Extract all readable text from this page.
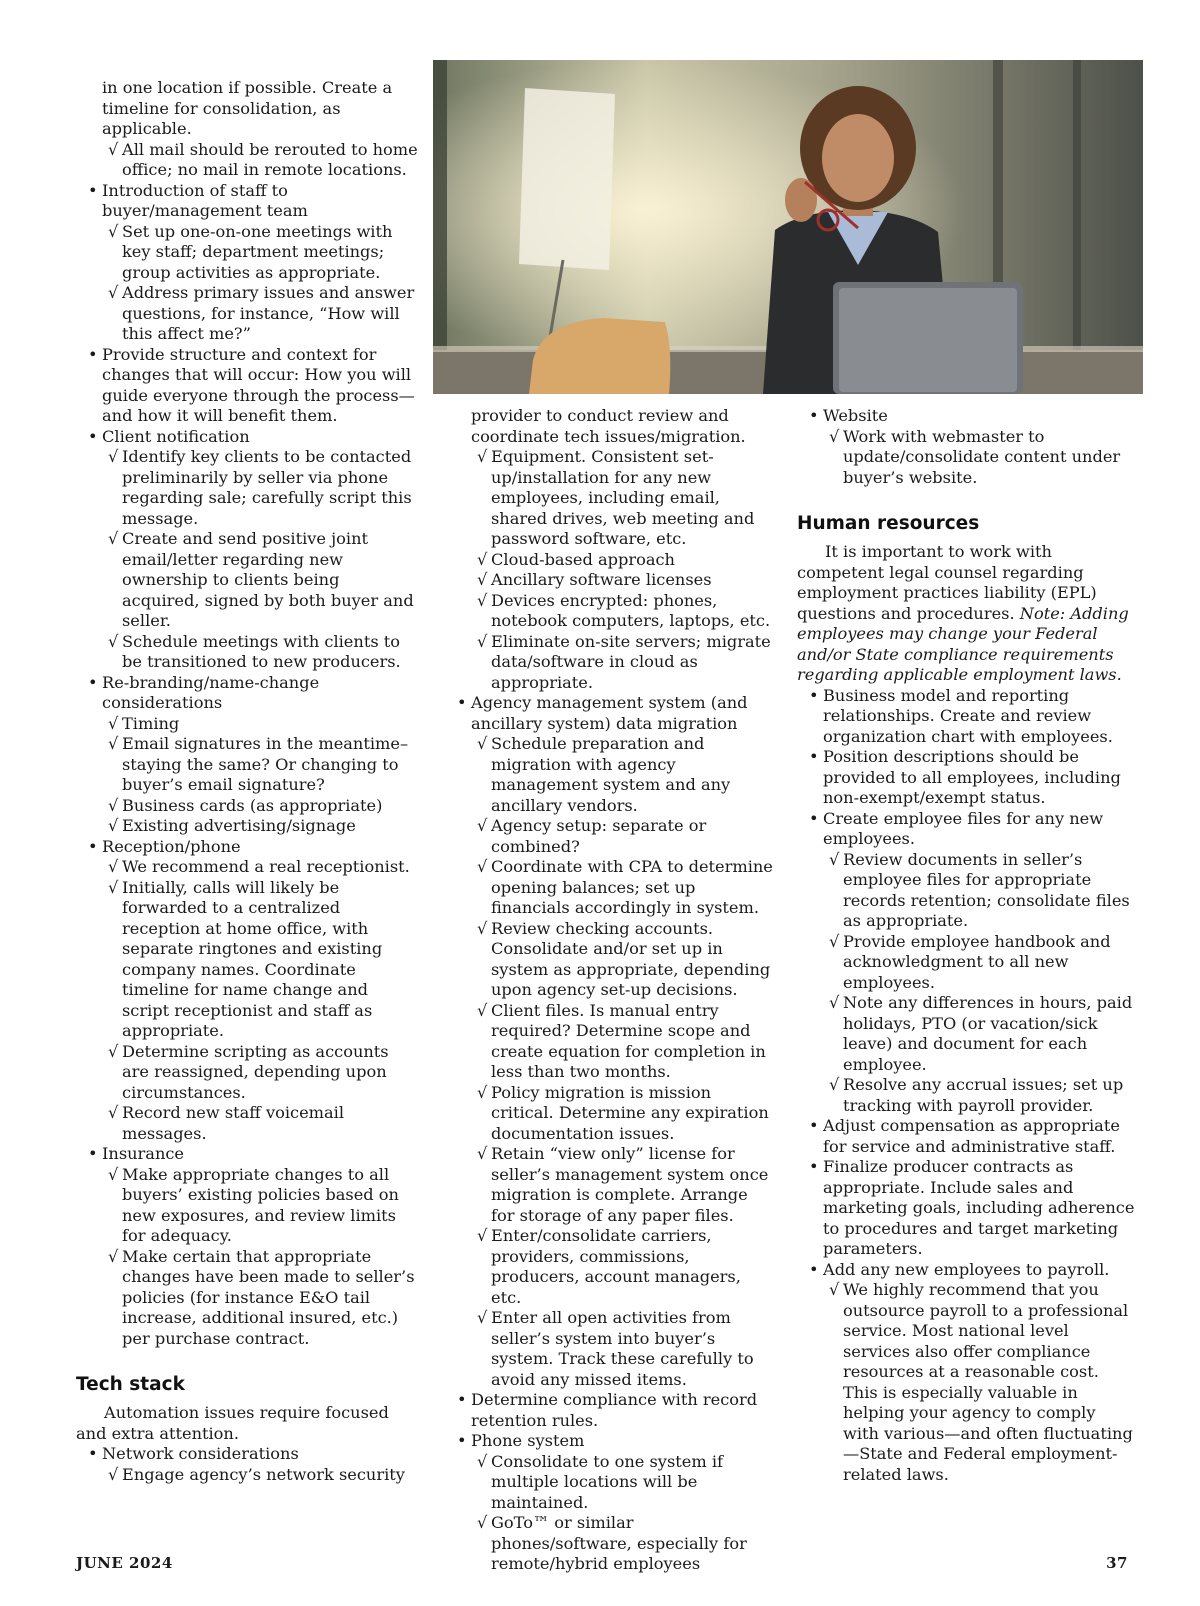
in one location if possible. Create a timeline for consolidation, as applicable.

√ All mail should be rerouted to home office; no mail in remote locations.

• Introduction of staff to buyer/management team

√ Set up one-on-one meetings with key staff; department meetings; group activities as appropriate.

√ Address primary issues and answer questions, for instance, “How will this affect me?”

• Provide structure and context for changes that will occur: How you will guide everyone through the process—and how it will benefit them.

• Client notification

√ Identify key clients to be contacted preliminarily by seller via phone regarding sale; carefully script this message.

√ Create and send positive joint email/letter regarding new ownership to clients being acquired, signed by both buyer and seller.

√ Schedule meetings with clients to be transitioned to new producers.

• Re-branding/name-change considerations

√ Timing

√ Email signatures in the meantime–staying the same? Or changing to buyer’s email signature?

√ Business cards (as appropriate)

√ Existing advertising/signage

• Reception/phone

√ We recommend a real receptionist.

√ Initially, calls will likely be forwarded to a centralized reception at home office, with separate ringtones and existing company names. Coordinate timeline for name change and script receptionist and staff as appropriate.

√ Determine scripting as accounts are reassigned, depending upon circumstances.

√ Record new staff voicemail messages.

• Insurance

√ Make appropriate changes to all buyers’ existing policies based on new exposures, and review limits for adequacy.

√ Make certain that appropriate changes have been made to seller’s policies (for instance E&O tail increase, additional insured, etc.) per purchase contract.

Tech stack

Automation issues require focused and extra attention.

• Network considerations

√ Engage agency’s network security

provider to conduct review and coordinate tech issues/migration.

√ Equipment. Consistent set-up/installation for any new employees, including email, shared drives, web meeting and password software, etc.

√ Cloud-based approach

√ Ancillary software licenses

√ Devices encrypted: phones, notebook computers, laptops, etc.

√ Eliminate on-site servers; migrate data/software in cloud as appropriate.

• Agency management system (and ancillary system) data migration

√ Schedule preparation and migration with agency management system and any ancillary vendors.

√ Agency setup: separate or combined?

√ Coordinate with CPA to determine opening balances; set up financials accordingly in system.

√ Review checking accounts. Consolidate and/or set up in system as appropriate, depending upon agency set-up decisions.

√ Client files. Is manual entry required? Determine scope and create equation for completion in less than two months.

√ Policy migration is mission critical. Determine any expiration documentation issues.

√ Retain “view only” license for seller’s management system once migration is complete. Arrange for storage of any paper files.

√ Enter/consolidate carriers, providers, commissions, producers, account managers, etc.

√ Enter all open activities from seller’s system into buyer’s system. Track these carefully to avoid any missed items.

• Determine compliance with record retention rules.

• Phone system

√ Consolidate to one system if multiple locations will be maintained.

√ GoTo™ or similar phones/software, especially for remote/hybrid employees

• Website

√ Work with webmaster to update/consolidate content under buyer’s website.

Human resources

It is important to work with competent legal counsel regarding employment practices liability (EPL) questions and procedures. Note: Adding employees may change your Federal and/or State compliance requirements regarding applicable employment laws.

• Business model and reporting relationships. Create and review organization chart with employees.

• Position descriptions should be provided to all employees, including non-exempt/exempt status.

• Create employee files for any new employees.

√ Review documents in seller’s employee files for appropriate records retention; consolidate files as appropriate.

√ Provide employee handbook and acknowledgment to all new employees.

√ Note any differences in hours, paid holidays, PTO (or vacation/sick leave) and document for each employee.

√ Resolve any accrual issues; set up tracking with payroll provider.

• Adjust compensation as appropriate for service and administrative staff.

• Finalize producer contracts as appropriate. Include sales and marketing goals, including adherence to procedures and target marketing parameters.

• Add any new employees to payroll.

√ We highly recommend that you outsource payroll to a professional service. Most national level services also offer compliance resources at a reasonable cost. This is especially valuable in helping your agency to comply with various—and often fluctuating—State and Federal employment-related laws.

JUNE 2024	37
